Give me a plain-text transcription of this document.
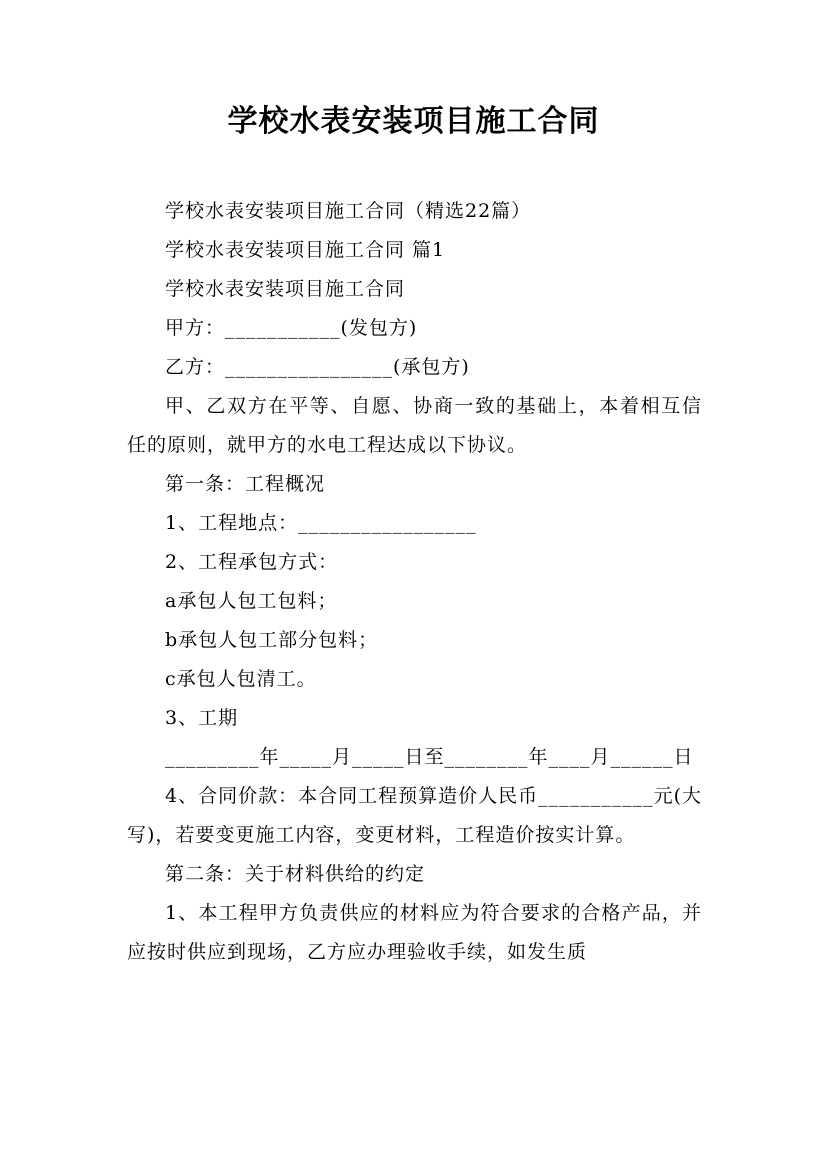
学校水表安装项目施工合同

学校水表安装项目施工合同（精选22篇）

学校水表安装项目施工合同 篇1

学校水表安装项目施工合同

甲方：___________(发包方)

乙方：________________(承包方)

甲、乙双方在平等、自愿、协商一致的基础上，本着相互信任的原则，就甲方的水电工程达成以下协议。

第一条：工程概况

1、工程地点：_________________

2、工程承包方式：

a承包人包工包料；

b承包人包工部分包料；

c承包人包清工。

3、工期

_________年_____月_____日至________年____月______日

4、合同价款：本合同工程预算造价人民币___________元(大写)，若要变更施工内容，变更材料，工程造价按实计算。

第二条：关于材料供给的约定

1、本工程甲方负责供应的材料应为符合要求的合格产品，并应按时供应到现场，乙方应办理验收手续，如发生质
